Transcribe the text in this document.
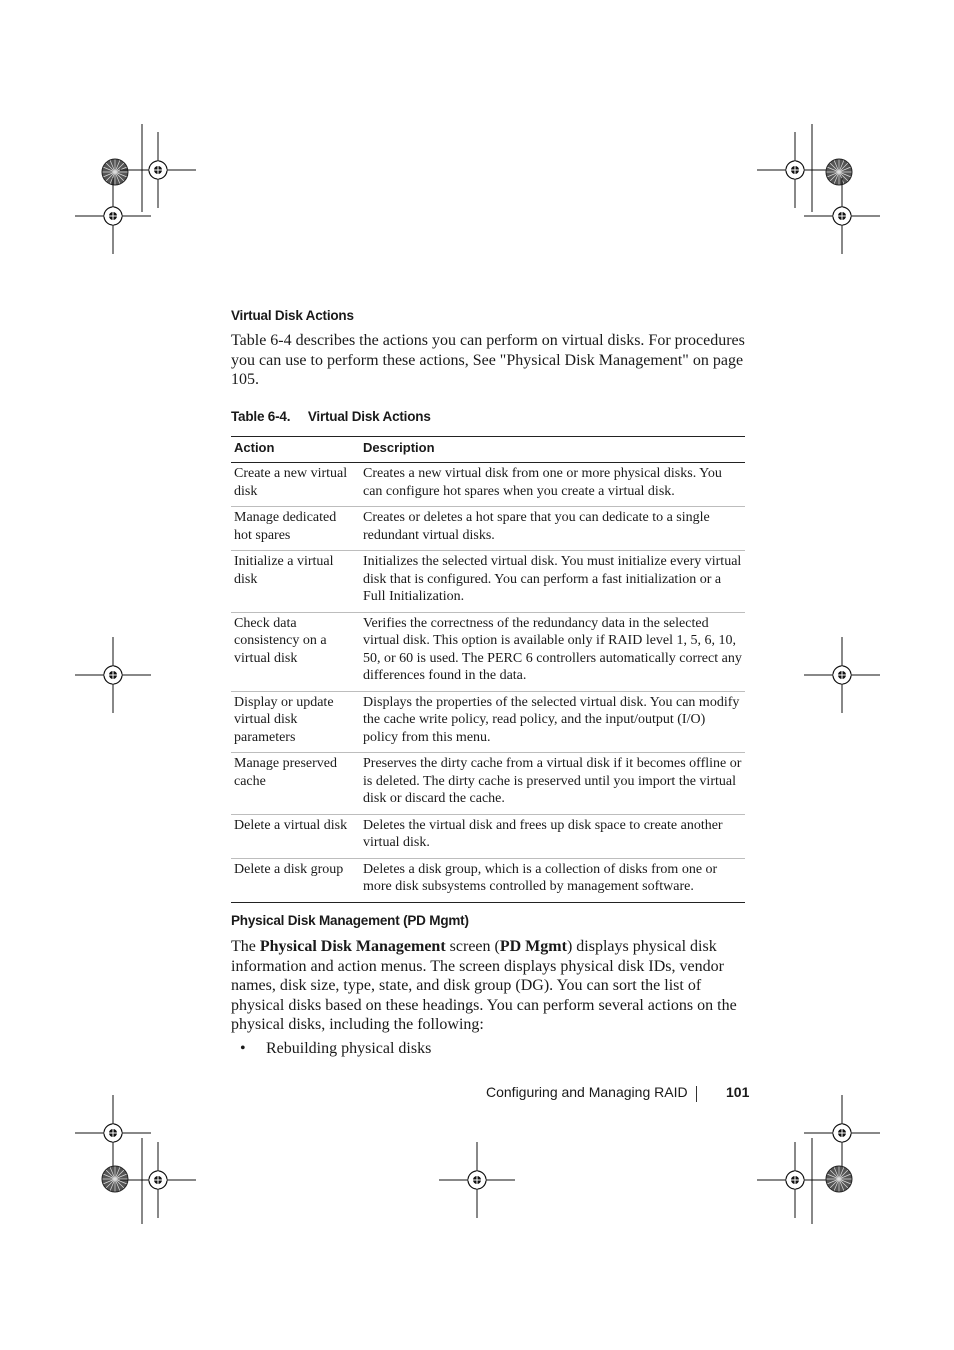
Virtual Disk Actions
Table 6-4 describes the actions you can perform on virtual disks. For procedures you can use to perform these actions, See "Physical Disk Management" on page 105.
Table 6-4. Virtual Disk Actions
Action	Description
Create a new virtual disk	Creates a new virtual disk from one or more physical disks. You can configure hot spares when you create a virtual disk.
Manage dedicated hot spares	Creates or deletes a hot spare that you can dedicate to a single redundant virtual disks.
Initialize a virtual disk	Initializes the selected virtual disk. You must initialize every virtual disk that is configured. You can perform a fast initialization or a Full Initialization.
Check data consistency on a virtual disk	Verifies the correctness of the redundancy data in the selected virtual disk. This option is available only if RAID level 1, 5, 6, 10, 50, or 60 is used. The PERC 6 controllers automatically correct any differences found in the data.
Display or update virtual disk parameters	Displays the properties of the selected virtual disk. You can modify the cache write policy, read policy, and the input/output (I/O) policy from this menu.
Manage preserved cache	Preserves the dirty cache from a virtual disk if it becomes offline or is deleted. The dirty cache is preserved until you import the virtual disk or discard the cache.
Delete a virtual disk	Deletes the virtual disk and frees up disk space to create another virtual disk.
Delete a disk group	Deletes a disk group, which is a collection of disks from one or more disk subsystems controlled by management software.
Physical Disk Management (PD Mgmt)
The Physical Disk Management screen (PD Mgmt) displays physical disk information and action menus. The screen displays physical disk IDs, vendor names, disk size, type, state, and disk group (DG). You can sort the list of physical disks based on these headings. You can perform several actions on the physical disks, including the following:
• Rebuilding physical disks
Configuring and Managing RAID	101
